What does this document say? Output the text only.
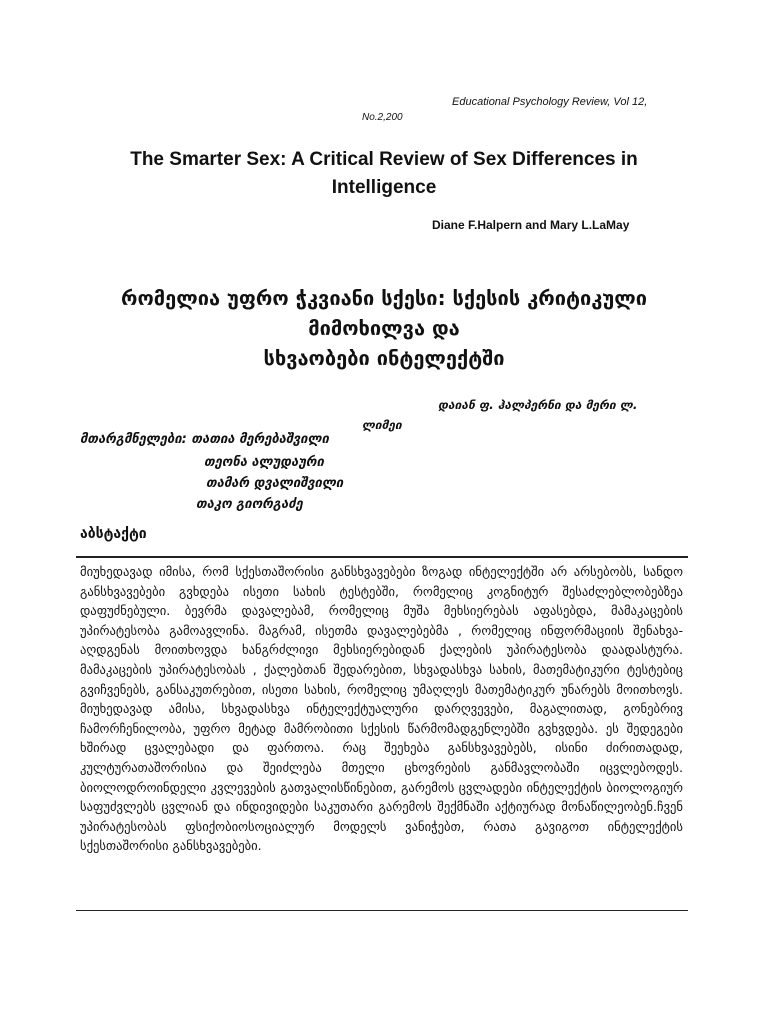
Educational Psychology Review, Vol 12,
No.2,200
The Smarter Sex: A Critical Review of Sex Differences in Intelligence
Diane F.Halpern and Mary L.LaMay
რომელია უფრო ჭკვიანი სქესი: სქესის კრიტიკული
მიმოხილვა და
სხვაობები ინტელექტში
დაიან ფ. ჰალპერნი და მერი ლ.
ლიმეი
მთარგმნელები: თათია მერებაშვილი
თეონა ალუდაური
თამარ დვალიშვილი
თაკო გიორგაძე
აბსტაქტი
მიუხედავად იმისა, რომ სქესთაშორისი განსხვავებები ზოგად ინტელექტში არ არსებობს, სანდო განსხვავებები გვხდება ისეთი სახის ტესტებში, რომელიც კოგნიტურ შესაძლებლობებზეა დაფუძნებული. ბევრმა დავალებამ, რომელიც მუშა მეხსიერებას აფასებდა, მამაკაცების უპირატესობა გამოავლინა. მაგრამ, ისეთმა დავალებებმა , რომელიც ინფორმაციის შენახვა-აღდგენას მოითხოვდა ხანგრძლივი მეხსიერებიდან ქალების უპირატესობა დაადასტურა. მამაკაცების უპირატესობას , ქალებთან შედარებით, სხვადასხვა სახის, მათემატიკური ტესტებიც გვიჩვენებს, განსაკუთრებით, ისეთი სახის, რომელიც უმაღლეს მათემატიკურ უნარებს მოითხოვს. მიუხედავად ამისა, სხვადასხვა ინტელექტუალური დარღვევები, მაგალითად, გონებრივ ჩამორჩენილობა, უფრო მეტად მამრობითი სქესის წარმომადგენლებში გვხვდება. ეს შედეგები ხშირად ცვალებადი და ფართოა. რაც შეეხება განსხვავებებს, ისინი ძირითადად, კულტურათაშორისია და შეიძლება მთელი ცხოვრების განმავლობაში იცვლებოდეს. ბიოლოდროინდელი კვლევების გათვალისწინებით, გარემოს ცვლადები ინტელექტის ბიოლოგიურ საფუძვლებს ცვლიან და ინდივიდები საკუთარი გარემოს შექმნაში აქტიურად მონაწილეობენ.ჩვენ უპირატესობას ფსიქობიოსოციალურ მოდელს ვანიჭებთ, რათა გავიგოთ ინტელექტის სქესთაშორისი განსხვავებები.
